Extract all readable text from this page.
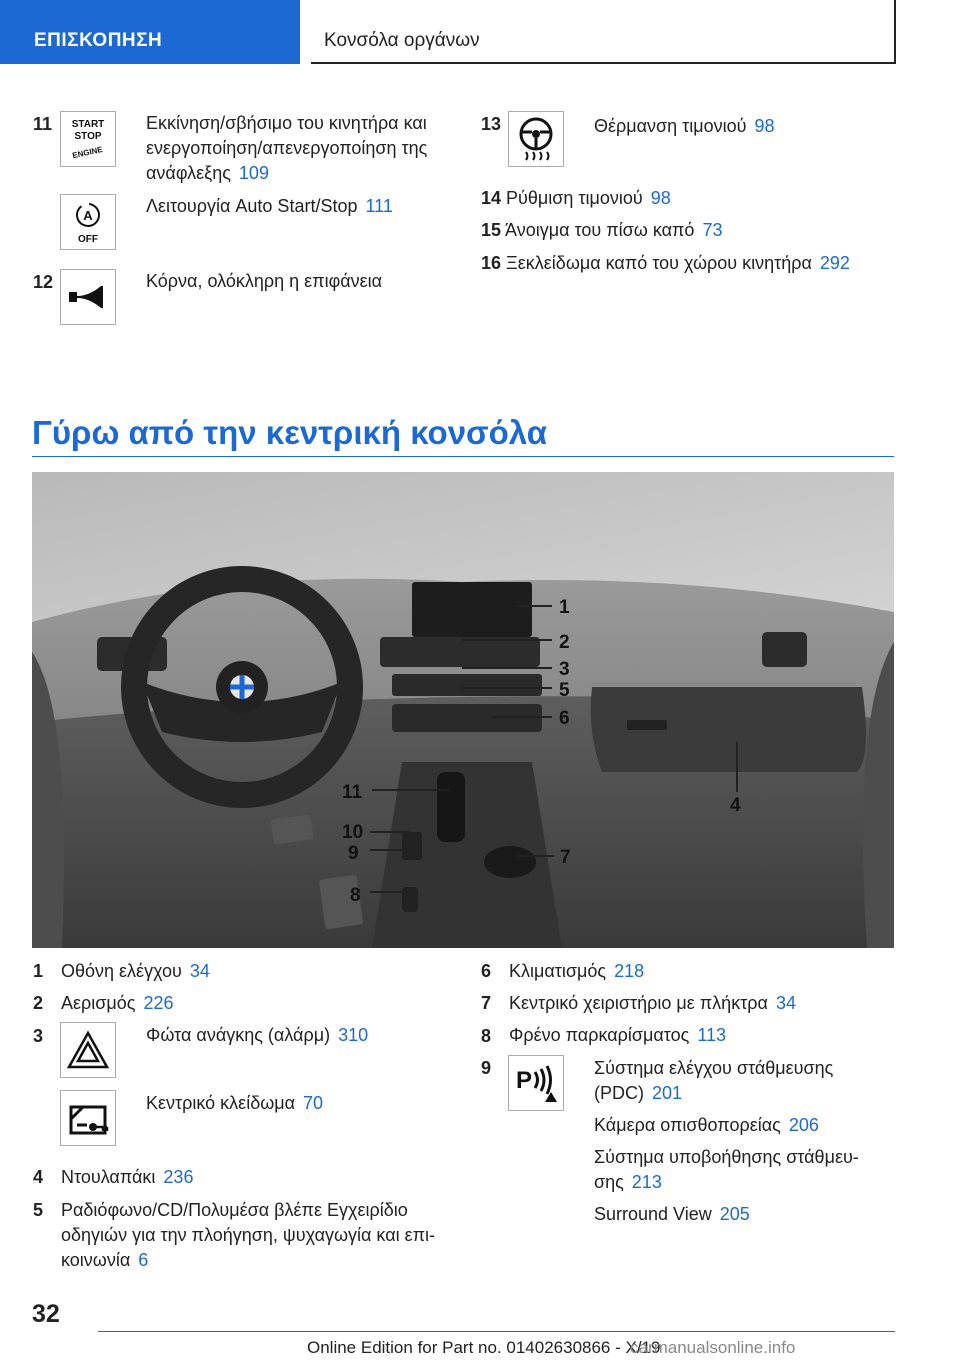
ΕΠΙΣΚΟΠΗΣΗ	Κονσόλα οργάνων
11 START
STOP
ENGINE
Εκκίνηση/σβήσιμο του κινητήρα και ενεργοποίηση/απενεργοποίηση της ανάφλεξης 109
A
OFF
Λειτουργία Auto Start/Stop 111
12	Κόρνα, ολόκληρη η επιφάνεια
13	Θέρμανση τιμονιού 98
14 Ρύθμιση τιμονιού 98
15 Άνοιγμα του πίσω καπό 73
16 Ξεκλείδωμα καπό του χώρου κινητήρα 292
Γύρω από την κεντρική κονσόλα
1
2
3
5
6
4
11
10
9
8
7
1 Οθόνη ελέγχου 34
2 Αερισμός 226
3	Φώτα ανάγκης (αλάρμ) 310
Κεντρικό κλείδωμα 70
4 Ντουλαπάκι 236
5 Ραδιόφωνο/CD/Πολυμέσα βλέπε Εγχειρίδιο
οδηγιών για την πλοήγηση, ψυχαγωγία και επι-
κοινωνία 6
6 Κλιματισμός 218
7 Κεντρικό χειριστήριο με πλήκτρα 34
8 Φρένο παρκαρίσματος 113
9 P	Σύστημα ελέγχου στάθμευσης
(PDC) 201
Κάμερα οπισθοπορείας 206
Σύστημα υποβοήθησης στάθμευ-
σης 213
Surround View 205
32
Online Edition for Part no. 01402630866 - X/19
carmanualsonline.info
